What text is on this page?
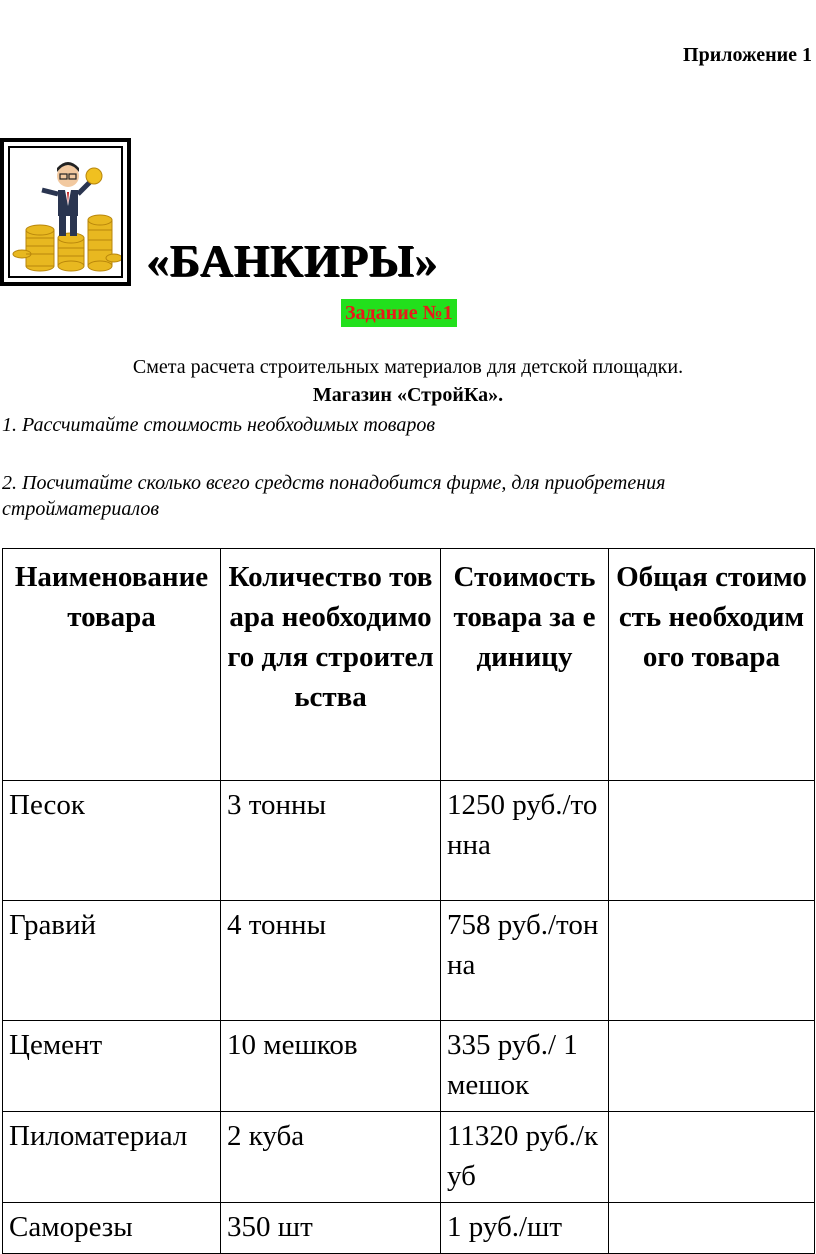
Приложение 1

«БАНКИРЫ»
Задание №1

Смета расчета строительных материалов для детской площадки.

Магазин «СтройКа».

1. Рассчитайте стоимость необходимых товаров

2. Посчитайте сколько всего средств понадобится фирме, для приобретения стройматериалов

Наименование товара	Количество товара необходимого для строительства	Стоимость товара за единицу	Общая стоимость необходимого товара
Песок	3 тонны	1250 руб./тонна	
Гравий	4 тонны	758 руб./тонна	
Цемент	10 мешков	335 руб./ 1 мешок	
Пиломатериал	2 куба	11320 руб./куб	
Саморезы	350 шт	1 руб./шт	
